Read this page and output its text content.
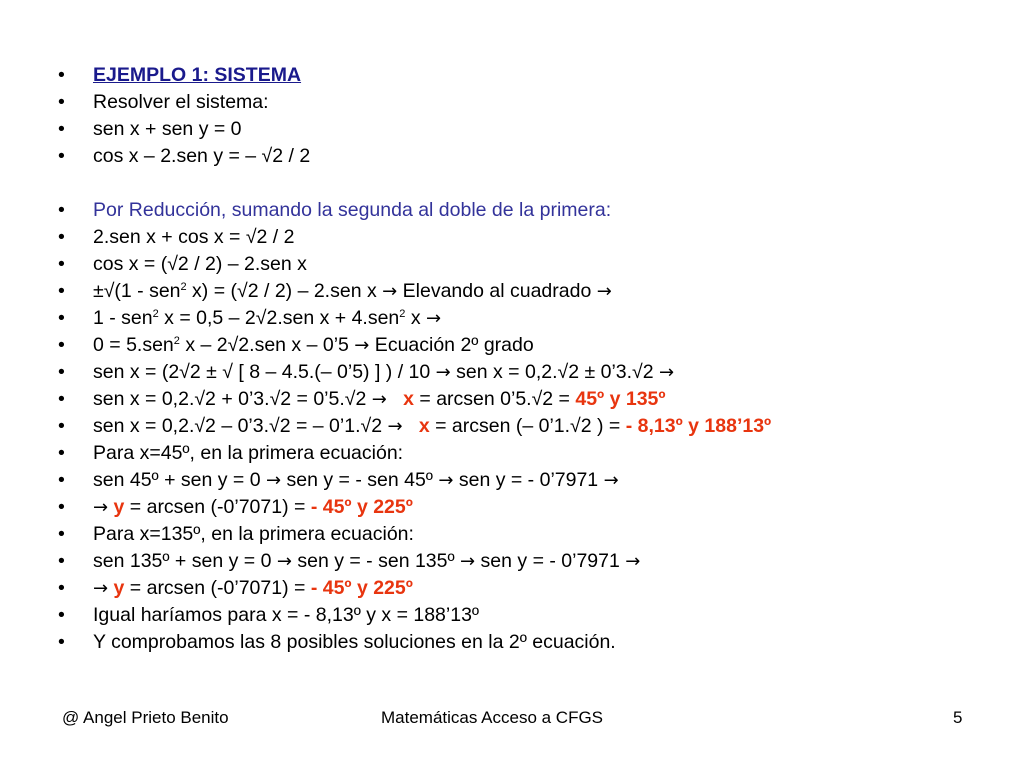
•	EJEMPLO 1: SISTEMA
•	Resolver el sistema:
•	sen x + sen y = 0
•	cos x – 2.sen y = – √2 / 2
•	Por Reducción, sumando la segunda al doble de la primera:
•	2.sen x + cos x = √2 / 2
•	cos x = (√2 / 2) – 2.sen x
•	±√(1 - sen$^2$ x) = (√2 / 2) – 2.sen x → Elevando al cuadrado →
•	1 - sen$^2$ x = 0,5 – 2√2.sen x + 4.sen$^2$ x →
•	0 = 5.sen$^2$ x – 2√2.sen x – 0’5 → Ecuación 2º grado
•	sen x = (2√2 ± √ [ 8 – 4.5.(– 0’5) ] ) / 10 → sen x = 0,2.√2 ± 0’3.√2 →
•	sen x = 0,2.√2 + 0’3.√2 = 0’5.√2 → x = arcsen 0’5.√2 = 45º y 135º
•	sen x = 0,2.√2 – 0’3.√2 = – 0’1.√2 → x = arcsen (– 0’1.√2 ) = - 8,13º y 188’13º
•	Para x=45º, en la primera ecuación:
•	sen 45º + sen y = 0 → sen y = - sen 45º → sen y = - 0’7971 →
•	→ y = arcsen (-0’7071) = - 45º y 225º
•	Para x=135º, en la primera ecuación:
•	sen 135º + sen y = 0 → sen y = - sen 135º → sen y = - 0’7971 →
•	→ y = arcsen (-0’7071) = - 45º y 225º
•	Igual haríamos para x = - 8,13º y x = 188’13º
•	Y comprobamos las 8 posibles soluciones en la 2º ecuación.
@ Angel Prieto Benito	Matemáticas Acceso a CFGS	5
